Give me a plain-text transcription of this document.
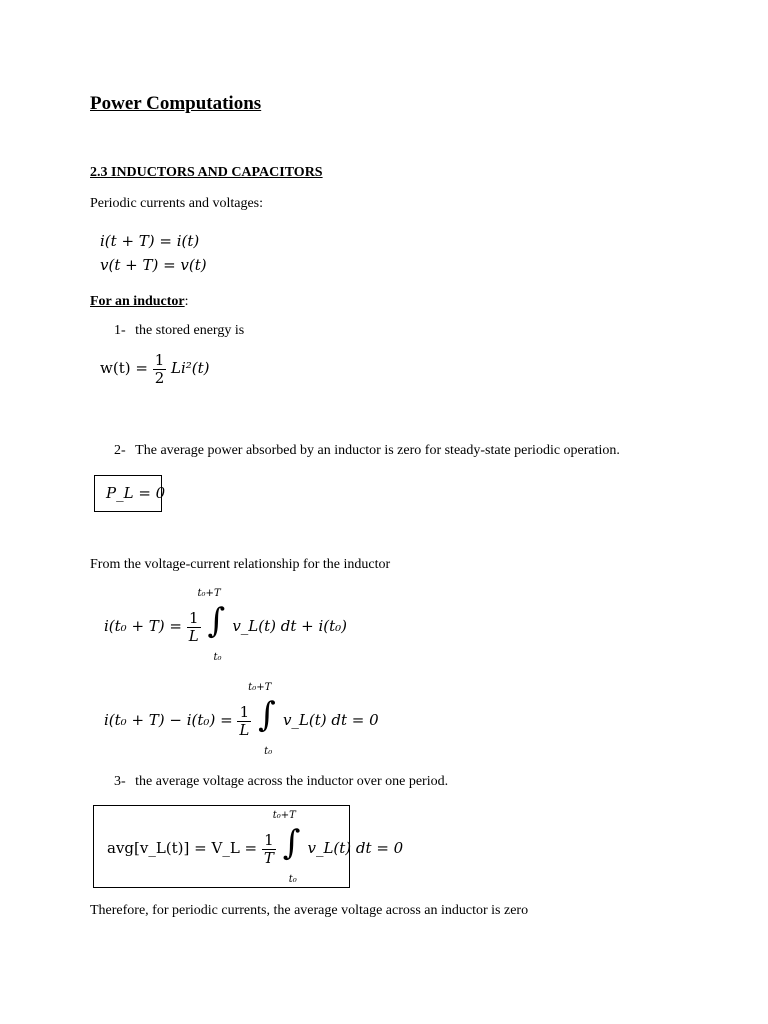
Power Computations
2.3 INDUCTORS AND CAPACITORS
Periodic currents and voltages:
i(t + T) = i(t)
v(t + T) = v(t)
For an inductor:
1- the stored energy is
$w(t) = \frac{1}{2} Li^2(t)$
2- The average power absorbed by an inductor is zero for steady-state periodic operation.
P_L = 0
From the voltage-current relationship for the inductor
$i(t_0 + T) = \frac{1}{L}$

t₀+T
∫
t₀
v_L(t) dt + i(t₀)
$i(t_0 + T) - i(t_0) = \frac{1}{L}$

t₀+T
∫
t₀
v_L(t) dt = 0
3- the average voltage across the inductor over one period.
avg[v_L(t)] = V_L = $\frac{1}{T}$

t₀+T
∫
t₀
v_L(t) dt = 0
Therefore, for periodic currents, the average voltage across an inductor is zero
